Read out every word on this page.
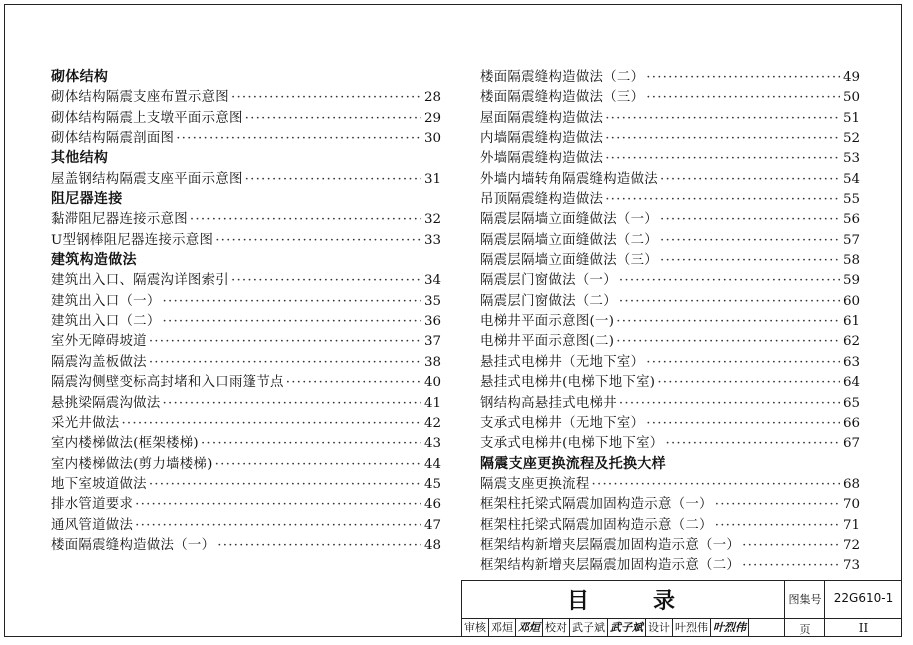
砌体结构
砌体结构隔震支座布置示意图 ·····	28
砌体结构隔震上支墩平面示意图 ·····	29
砌体结构隔震剖面图 ·····	30
其他结构
屋盖钢结构隔震支座平面示意图 ·····	31
阻尼器连接
黏滞阻尼器连接示意图 ·····	32
U型钢棒阻尼器连接示意图 ·····	33
建筑构造做法
建筑出入口、隔震沟详图索引 ·····	34
建筑出入口（一） ·····	35
建筑出入口（二） ·····	36
室外无障碍坡道 ·····	37
隔震沟盖板做法 ·····	38
隔震沟侧壁变标高封堵和入口雨篷节点 ·····	40
悬挑梁隔震沟做法 ·····	41
采光井做法 ·····	42
室内楼梯做法(框架楼梯) ·····	43
室内楼梯做法(剪力墙楼梯) ·····	44
地下室坡道做法 ·····	45
排水管道要求 ·····	46
通风管道做法 ·····	47
楼面隔震缝构造做法（一） ·····	48
楼面隔震缝构造做法（二） ·····	49
楼面隔震缝构造做法（三） ·····	50
屋面隔震缝构造做法 ·····	51
内墙隔震缝构造做法 ·····	52
外墙隔震缝构造做法 ·····	53
外墙内墙转角隔震缝构造做法 ·····	54
吊顶隔震缝构造做法 ·····	55
隔震层隔墙立面缝做法（一） ·····	56
隔震层隔墙立面缝做法（二） ·····	57
隔震层隔墙立面缝做法（三） ·····	58
隔震层门窗做法（一） ·····	59
隔震层门窗做法（二） ·····	60
电梯井平面示意图(一) ·····	61
电梯井平面示意图(二) ·····	62
悬挂式电梯井（无地下室） ·····	63
悬挂式电梯井(电梯下地下室) ·····	64
钢结构高悬挂式电梯井 ·····	65
支承式电梯井（无地下室） ·····	66
支承式电梯井(电梯下地下室） ·····	67
隔震支座更换流程及托换大样
隔震支座更换流程 ·····	68
框架柱托梁式隔震加固构造示意（一） ·····	70
框架柱托梁式隔震加固构造示意（二） ·····	71
框架结构新增夹层隔震加固构造示意（一） ·····	72
框架结构新增夹层隔震加固构造示意（二） ·····	73
目	录	图集号	22G610-1
审核 邓烜 邓烜 校对 武子斌 武子斌 设计 叶烈伟 叶烈伟	页	II
